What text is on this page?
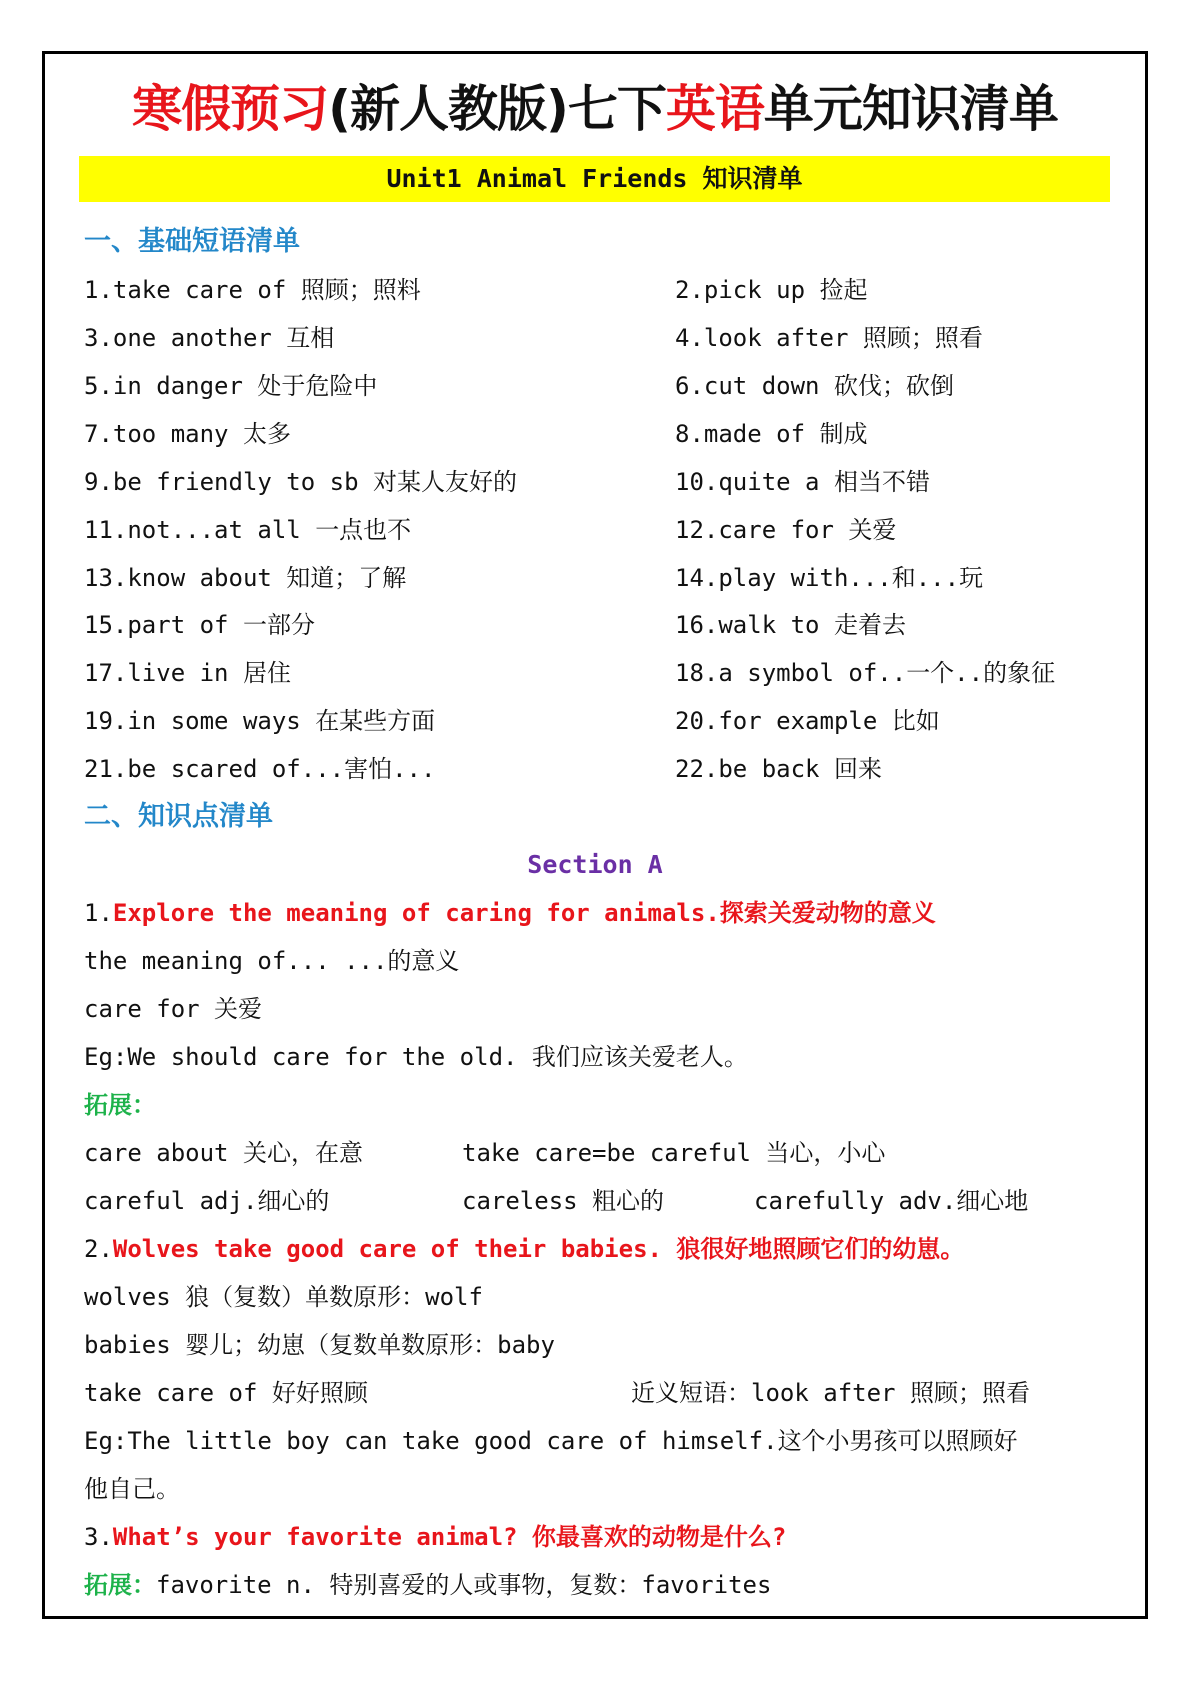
寒假预习(新人教版)七下英语单元知识清单
Unit1 Animal Friends 知识清单
一、基础短语清单
1.take care of 照顾；照料	2.pick up 捡起
3.one another 互相	4.look after 照顾；照看
5.in danger 处于危险中	6.cut down 砍伐；砍倒
7.too many 太多	8.made of 制成
9.be friendly to sb 对某人友好的	10.quite a 相当不错
11.not...at all 一点也不	12.care for 关爱
13.know about 知道；了解	14.play with...和...玩
15.part of 一部分	16.walk to 走着去
17.live in 居住	18.a symbol of..一个..的象征
19.in some ways 在某些方面	20.for example 比如
21.be scared of...害怕...	22.be back 回来
二、知识点清单
Section A
1.Explore the meaning of caring for animals.探索关爱动物的意义
the meaning of... ...的意义
care for 关爱
Eg:We should care for the old. 我们应该关爱老人。
拓展：
care about 关心，在意	take care=be careful 当心，小心
careful adj.细心的	careless 粗心的	carefully adv.细心地
2.Wolves take good care of their babies. 狼很好地照顾它们的幼崽。
wolves 狼（复数）单数原形：wolf
babies 婴儿；幼崽（复数单数原形：baby
take care of 好好照顾	近义短语：look after 照顾；照看
Eg:The little boy can take good care of himself.这个小男孩可以照顾好
他自己。
3.What’s your favorite animal? 你最喜欢的动物是什么?
拓展：favorite n. 特别喜爱的人或事物，复数：favorites
